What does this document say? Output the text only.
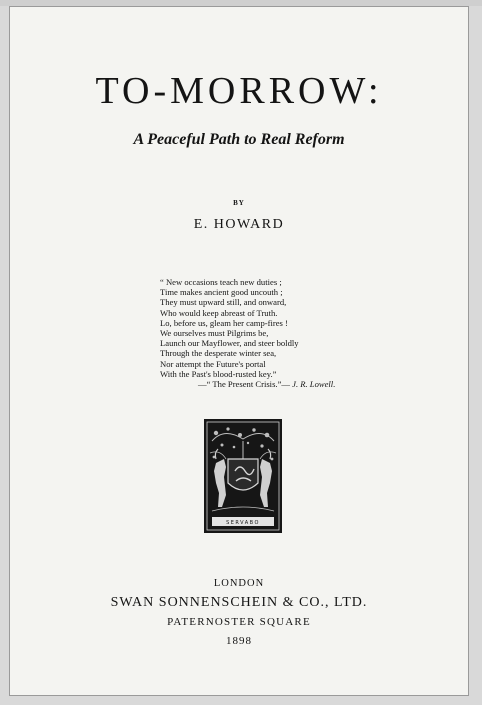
TO-MORROW:
A Peaceful Path to Real Reform
BY
E. HOWARD
“ New occasions teach new duties ;
Time makes ancient good uncouth ;
They must upward still, and onward,
Who would keep abreast of Truth.
Lo, before us, gleam her camp-fires !
We ourselves must Pilgrims be,
Launch our Mayflower, and steer boldly
Through the desperate winter sea,
Nor attempt the Future's portal
With the Past's blood-rusted key.”
—“ The Present Crisis.”— J. R. Lowell.
SERVABO
LONDON
SWAN SONNENSCHEIN & CO., LTD.
PATERNOSTER SQUARE
1898
